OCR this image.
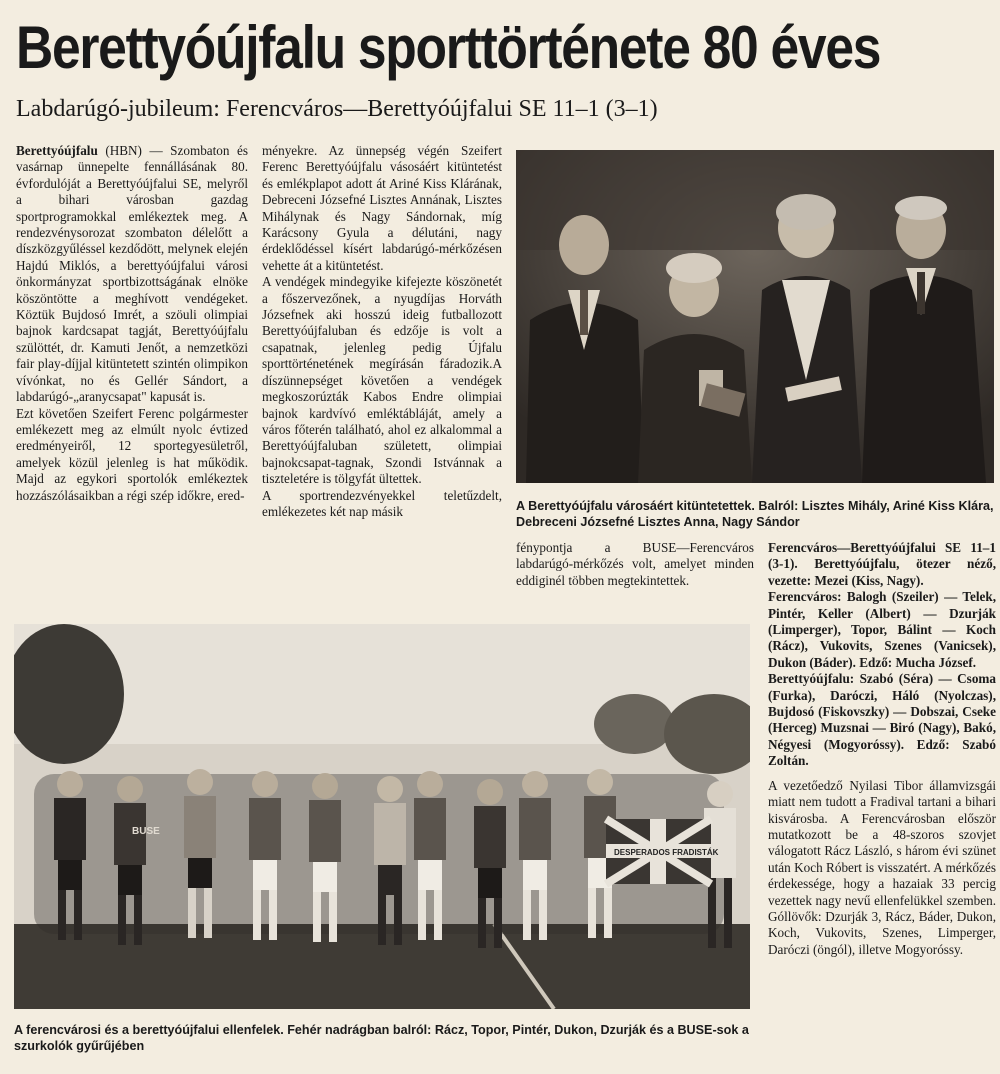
Berettyóújfalu sporttörténete 80 éves
Labdarúgó-jubileum: Ferencváros—Berettyóújfalui SE 11–1 (3–1)

Berettyóújfalu (HBN) — Szombaton és vasárnap ünnepelte fennállásának 80. évfordulóját a Berettyóújfalui SE, melyről a bihari városban gazdag sportprogramokkal emlékeztek meg. A rendezvénysorozat szombaton délelőtt a díszközgyűléssel kezdődött, melynek elején Hajdú Miklós, a berettyóújfalui városi önkormányzat sportbizottságának elnöke köszöntötte a meghívott vendégeket. Köztük Bujdosó Imrét, a szöuli olimpiai bajnok kardcsapat tagját, Berettyóújfalu szülöttét, dr. Kamuti Jenőt, a nemzetközi fair play-díjjal kitüntetett szintén olimpikon vívónkat, no és Gellér Sándort, a labdarúgó-„aranycsapat" kapusát is.

Ezt követően Szeifert Ferenc polgármester emlékezett meg az elmúlt nyolc évtized eredményeiről, 12 sportegyesületről, amelyek közül jelenleg is hat működik. Majd az egykori sportolók emlékeztek hozzászólásaikban a régi szép időkre, ered-

ményekre. Az ünnepség végén Szeifert Ferenc Berettyóújfalu vásosáért kitüntetést és emlékplapot adott át Ariné Kiss Klárának, Debreceni Józsefné Lisztes Annának, Lisztes Mihálynak és Nagy Sándornak, míg Karácsony Gyula a délutáni, nagy érdeklődéssel kísért labdarúgó-mérkőzésen vehette át a kitüntetést.

A vendégek mindegyike kifejezte köszönetét a főszervezőnek, a nyugdíjas Horváth Józsefnek aki hosszú ideig futballozott Berettyóújfaluban és edzője is volt a csapatnak, jelenleg pedig Újfalu sporttörténetének megírásán fáradozik.A díszünnepséget követően a vendégek megkoszorúzták Kabos Endre olimpiai bajnok kardvívó emléktábláját, amely a város főterén található, ahol ez alkalommal a Berettyóújfaluban született, olimpiai bajnokcsapat-tagnak, Szondi Istvánnak a tiszteletére is tölgyfát ültettek.

A sportrendezvényekkel teletűzdelt, emlékezetes két nap másik	A Berettyóújfalu városáért kitüntetettek. Balról: Lisztes Mihály, Ariné Kiss Klára, Debreceni Józsefné Lisztes Anna, Nagy Sándor

fénypontja a BUSE—Ferencváros labdarúgó-mérkőzés volt, amelyet minden eddiginél többen megtekintettek.

Ferencváros—Berettyóújfalui SE 11–1 (3-1). Berettyóújfalu, ötezer néző, vezette: Mezei (Kiss, Nagy).

Ferencváros: Balogh (Szeiler) — Telek, Pintér, Keller (Albert) — Dzurják (Limperger), Topor, Bálint — Koch (Rácz), Vukovits, Szenes (Vanicsek), Dukon (Báder). Edző: Mucha József.

Berettyóújfalu: Szabó (Séra) — Csoma (Furka), Daróczi, Háló (Nyolczas), Bujdosó (Fiskovszky) — Dobszai, Cseke (Herceg) Muzsnai — Biró (Nagy), Bakó, Négyesi (Mogyoróssy). Edző: Szabó Zoltán.

A vezetőedző Nyilasi Tibor államvizsgái miatt nem tudott a Fradival tartani a bihari kisvárosba. A Ferencvárosban először mutatkozott be a 48-szoros szovjet válogatott Rácz László, s három évi szünet után Koch Róbert is visszatért. A mérkőzés érdekessége, hogy a hazaiak 33 percig vezettek nagy nevű ellenfelükkel szemben. Góllövők: Dzurják 3, Rácz, Báder, Dukon, Koch, Vukovits, Szenes, Limperger, Daróczi (öngól), illetve Mogyoróssy.

DESPERADOS FRADISTÁK
BUSE
A ferencvárosi és a berettyóújfalui ellenfelek. Fehér nadrágban balról: Rácz, Topor, Pintér, Dukon, Dzurják és a BUSE-sok a szurkolók gyűrűjében
